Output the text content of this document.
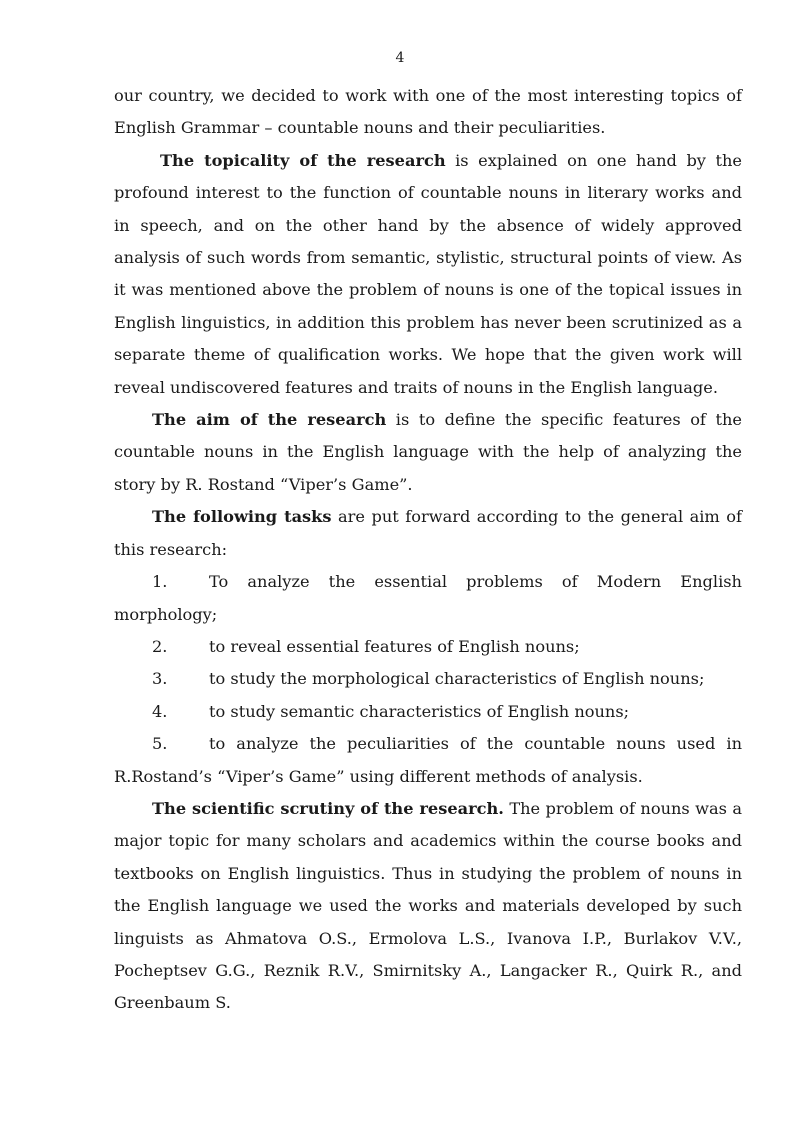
4

our country, we decided to work with one of the most interesting topics of English Grammar – countable nouns and their peculiarities.

The topicality of the research is explained on one hand by the profound interest to the function of countable nouns in literary works and in speech, and on the other hand by the absence of widely approved analysis of such words from semantic, stylistic, structural points of view. As it was mentioned above the problem of nouns is one of the topical issues in English linguistics, in addition this problem has never been scrutinized as a separate theme of qualification works. We hope that the given work will reveal undiscovered features and traits of nouns in the English language.

The aim of the research is to define the specific features of the countable nouns in the English language with the help of analyzing the story by R. Rostand “Viper’s Game”.

The following tasks are put forward according to the general aim of this research:

1.	To analyze the essential problems of Modern English morphology;

2.	to reveal essential features of English nouns;

3.	to study the morphological characteristics of English nouns;

4.	to study semantic characteristics of English nouns;

5.	to analyze the peculiarities of the countable nouns used in R.Rostand’s “Viper’s Game” using different methods of analysis.

The scientific scrutiny of the research. The problem of nouns was a major topic for many scholars and academics within the course books and textbooks on English linguistics. Thus in studying the problem of nouns in the English language we used the works and materials developed by such linguists as Ahmatova O.S., Ermolova L.S., Ivanova I.P., Burlakov V.V., Pocheptsev G.G., Reznik R.V., Smirnitsky A., Langacker R., Quirk R., and Greenbaum S.
